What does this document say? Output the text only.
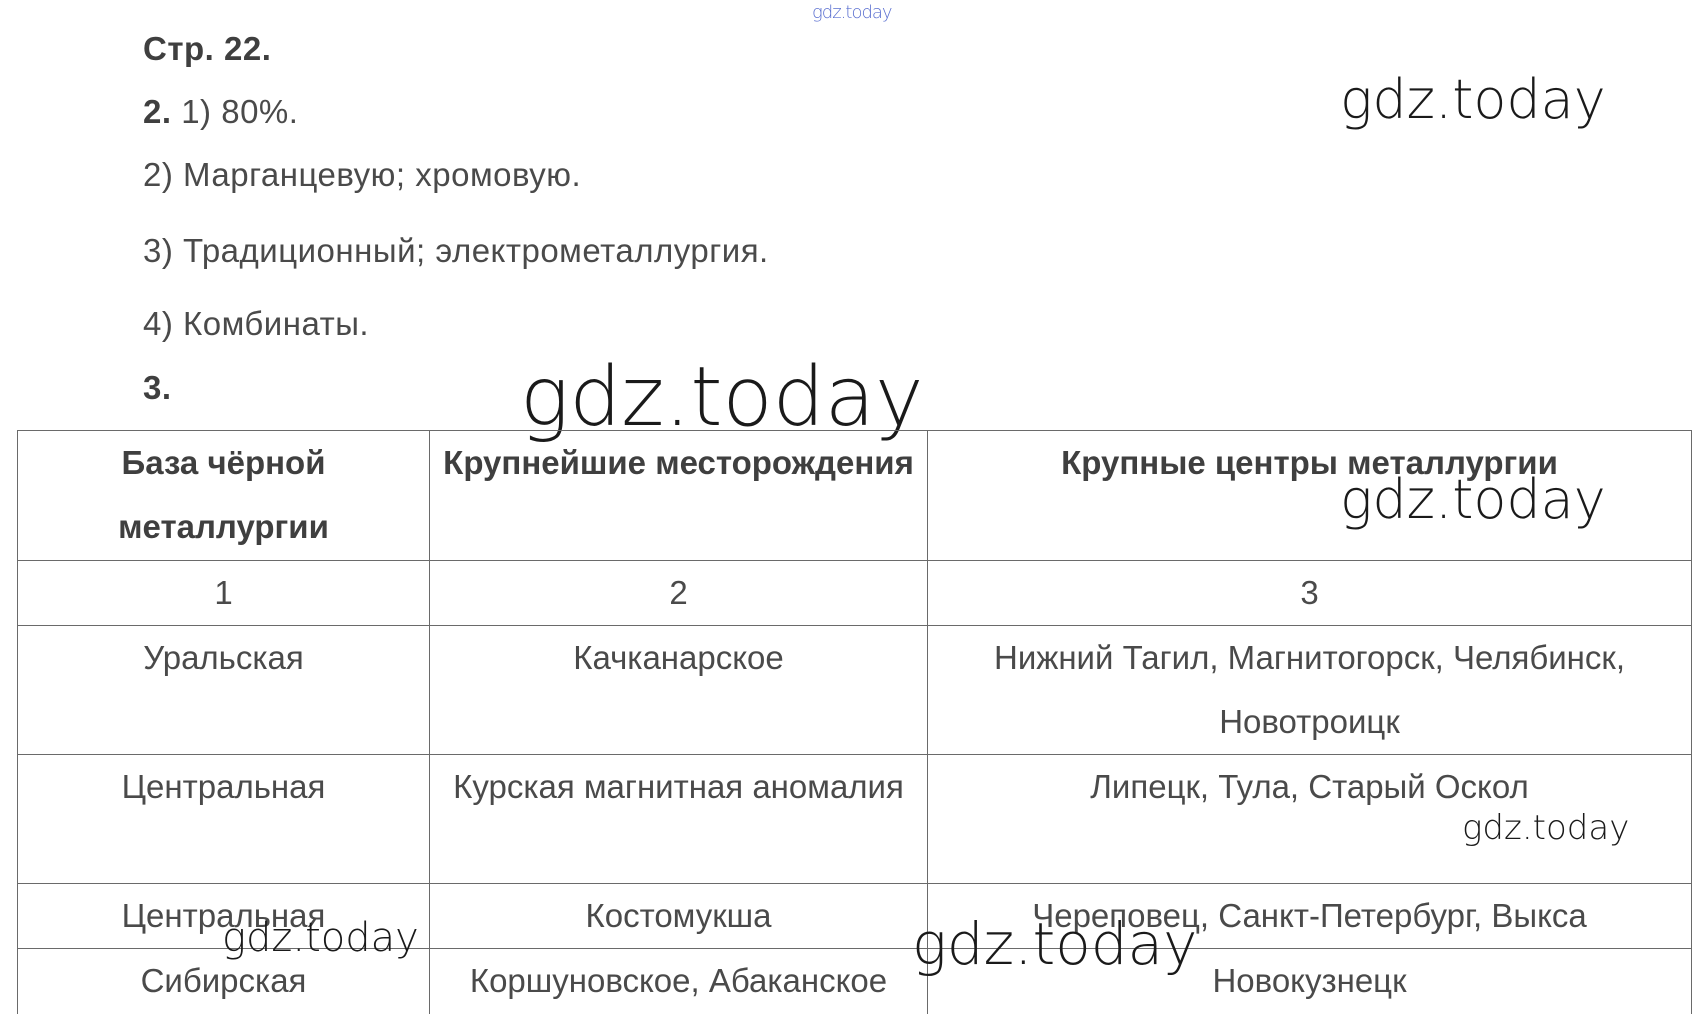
gdz.today
Стр. 22.
2. 1) 80%.
2) Марганцевую; хромовую.
3) Традиционный; электрометаллургия.
4) Комбинаты.
3.
gdz.today
gdz.today
База чёрной металлургии	Крупнейшие месторождения	Крупные центры металлургии
1	2	3
Уральская	Качканарское	Нижний Тагил, Магнитогорск, Челябинск, Новотроицк
Центральная	Курская магнитная аномалия	Липецк, Тула, Старый Оскол
Центральная	Костомукша	Череповец, Санкт-Петербург, Выкса
Сибирская	Коршуновское, Абаканское	Новокузнецк
gdz.today
gdz.today
gdz.today	gdz.today
